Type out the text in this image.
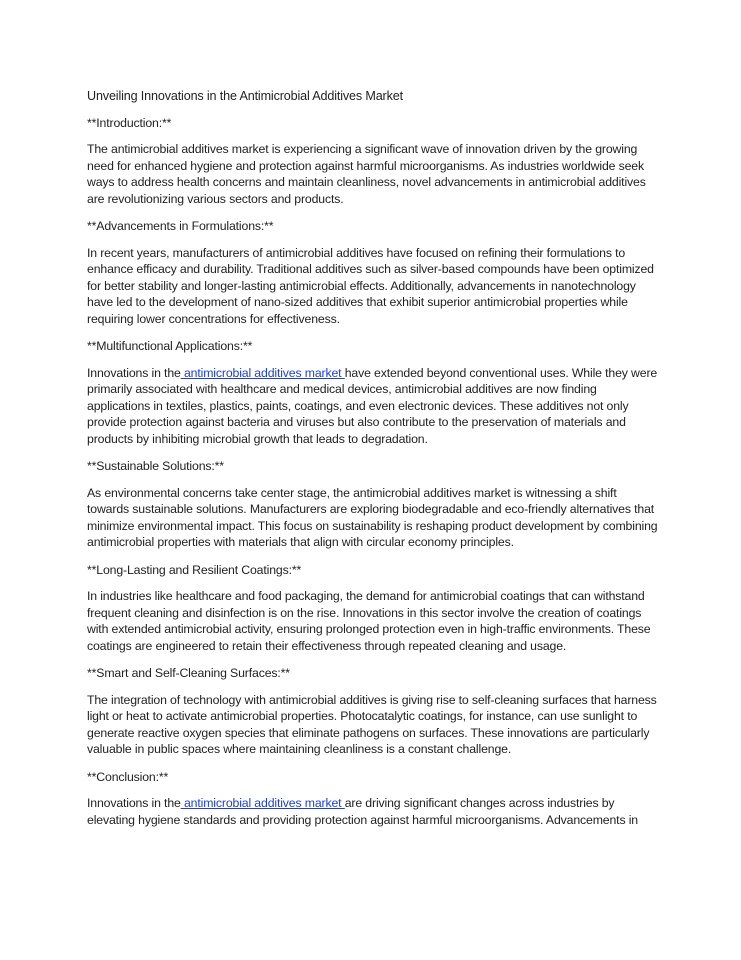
Unveiling Innovations in the Antimicrobial Additives Market

**Introduction:**

The antimicrobial additives market is experiencing a significant wave of innovation driven by the growing need for enhanced hygiene and protection against harmful microorganisms. As industries worldwide seek ways to address health concerns and maintain cleanliness, novel advancements in antimicrobial additives are revolutionizing various sectors and products.

**Advancements in Formulations:**

In recent years, manufacturers of antimicrobial additives have focused on refining their formulations to enhance efficacy and durability. Traditional additives such as silver-based compounds have been optimized for better stability and longer-lasting antimicrobial effects. Additionally, advancements in nanotechnology have led to the development of nano-sized additives that exhibit superior antimicrobial properties while requiring lower concentrations for effectiveness.

**Multifunctional Applications:**

Innovations in the antimicrobial additives market have extended beyond conventional uses. While they were primarily associated with healthcare and medical devices, antimicrobial additives are now finding applications in textiles, plastics, paints, coatings, and even electronic devices. These additives not only provide protection against bacteria and viruses but also contribute to the preservation of materials and products by inhibiting microbial growth that leads to degradation.

**Sustainable Solutions:**

As environmental concerns take center stage, the antimicrobial additives market is witnessing a shift towards sustainable solutions. Manufacturers are exploring biodegradable and eco-friendly alternatives that minimize environmental impact. This focus on sustainability is reshaping product development by combining antimicrobial properties with materials that align with circular economy principles.

**Long-Lasting and Resilient Coatings:**

In industries like healthcare and food packaging, the demand for antimicrobial coatings that can withstand frequent cleaning and disinfection is on the rise. Innovations in this sector involve the creation of coatings with extended antimicrobial activity, ensuring prolonged protection even in high-traffic environments. These coatings are engineered to retain their effectiveness through repeated cleaning and usage.

**Smart and Self-Cleaning Surfaces:**

The integration of technology with antimicrobial additives is giving rise to self-cleaning surfaces that harness light or heat to activate antimicrobial properties. Photocatalytic coatings, for instance, can use sunlight to generate reactive oxygen species that eliminate pathogens on surfaces. These innovations are particularly valuable in public spaces where maintaining cleanliness is a constant challenge.

**Conclusion:**

Innovations in the antimicrobial additives market are driving significant changes across industries by elevating hygiene standards and providing protection against harmful microorganisms. Advancements in
